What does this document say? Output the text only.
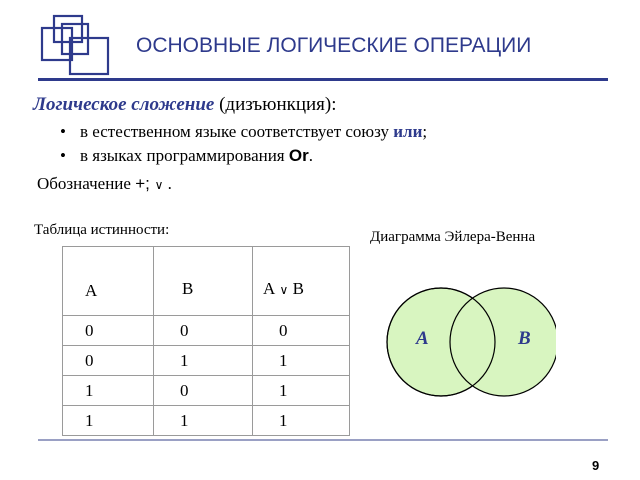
ОСНОВНЫЕ ЛОГИЧЕСКИЕ ОПЕРАЦИИ
Логическое сложение (дизъюнкция):
• в естественном языке соответствует союзу или;
• в языках программирования Or.
Обозначение +; ∨ .
Таблица истинности:	Диаграмма Эйлера-Венна
А	В	А ∨ В
0	0	0
0	1	1
1	0	1
1	1	1
A	B
9
